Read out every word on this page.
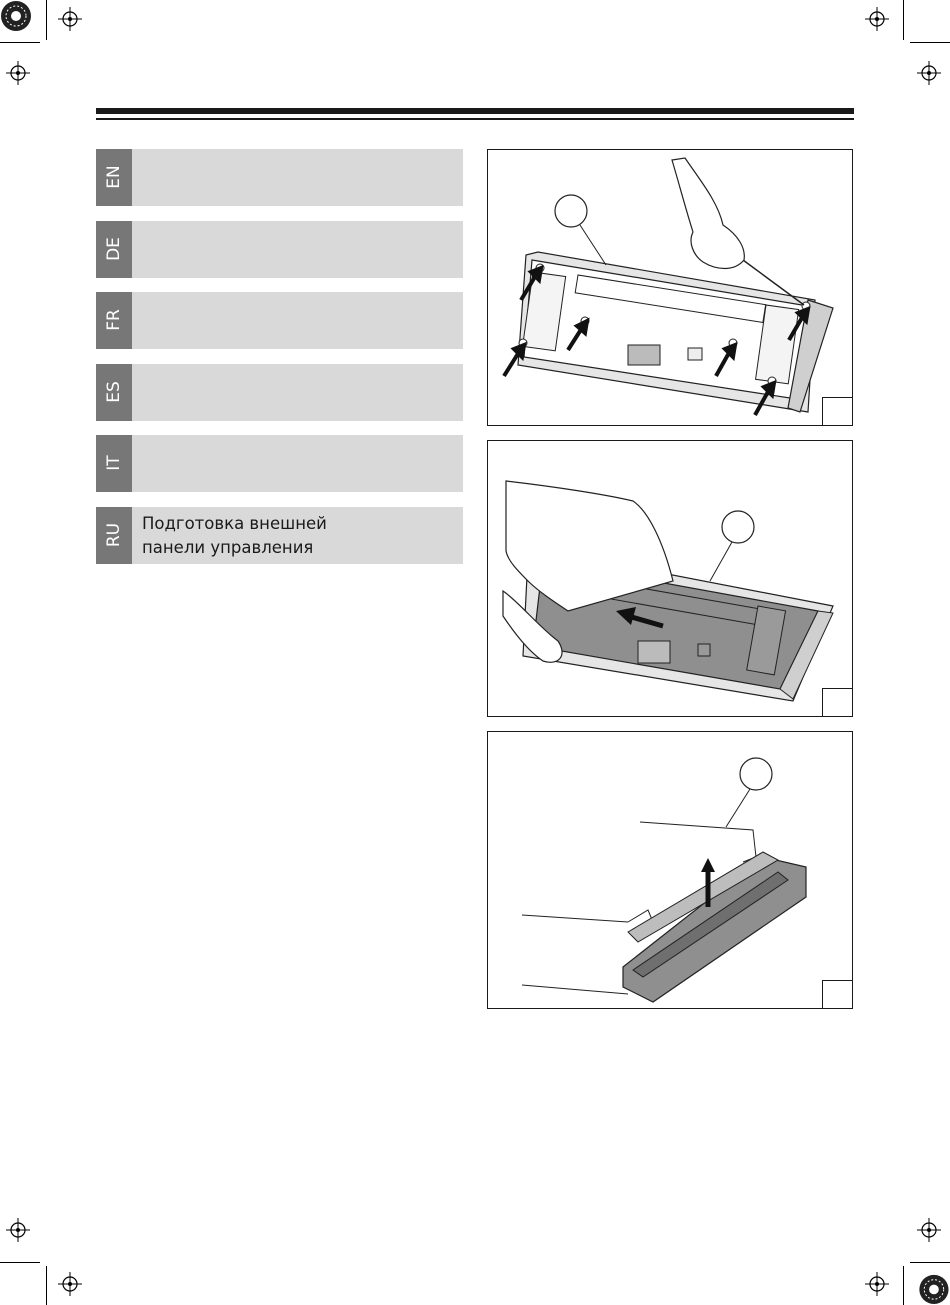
EN
DE
FR
ES
IT
RU Подготовка внешней
панели управления
